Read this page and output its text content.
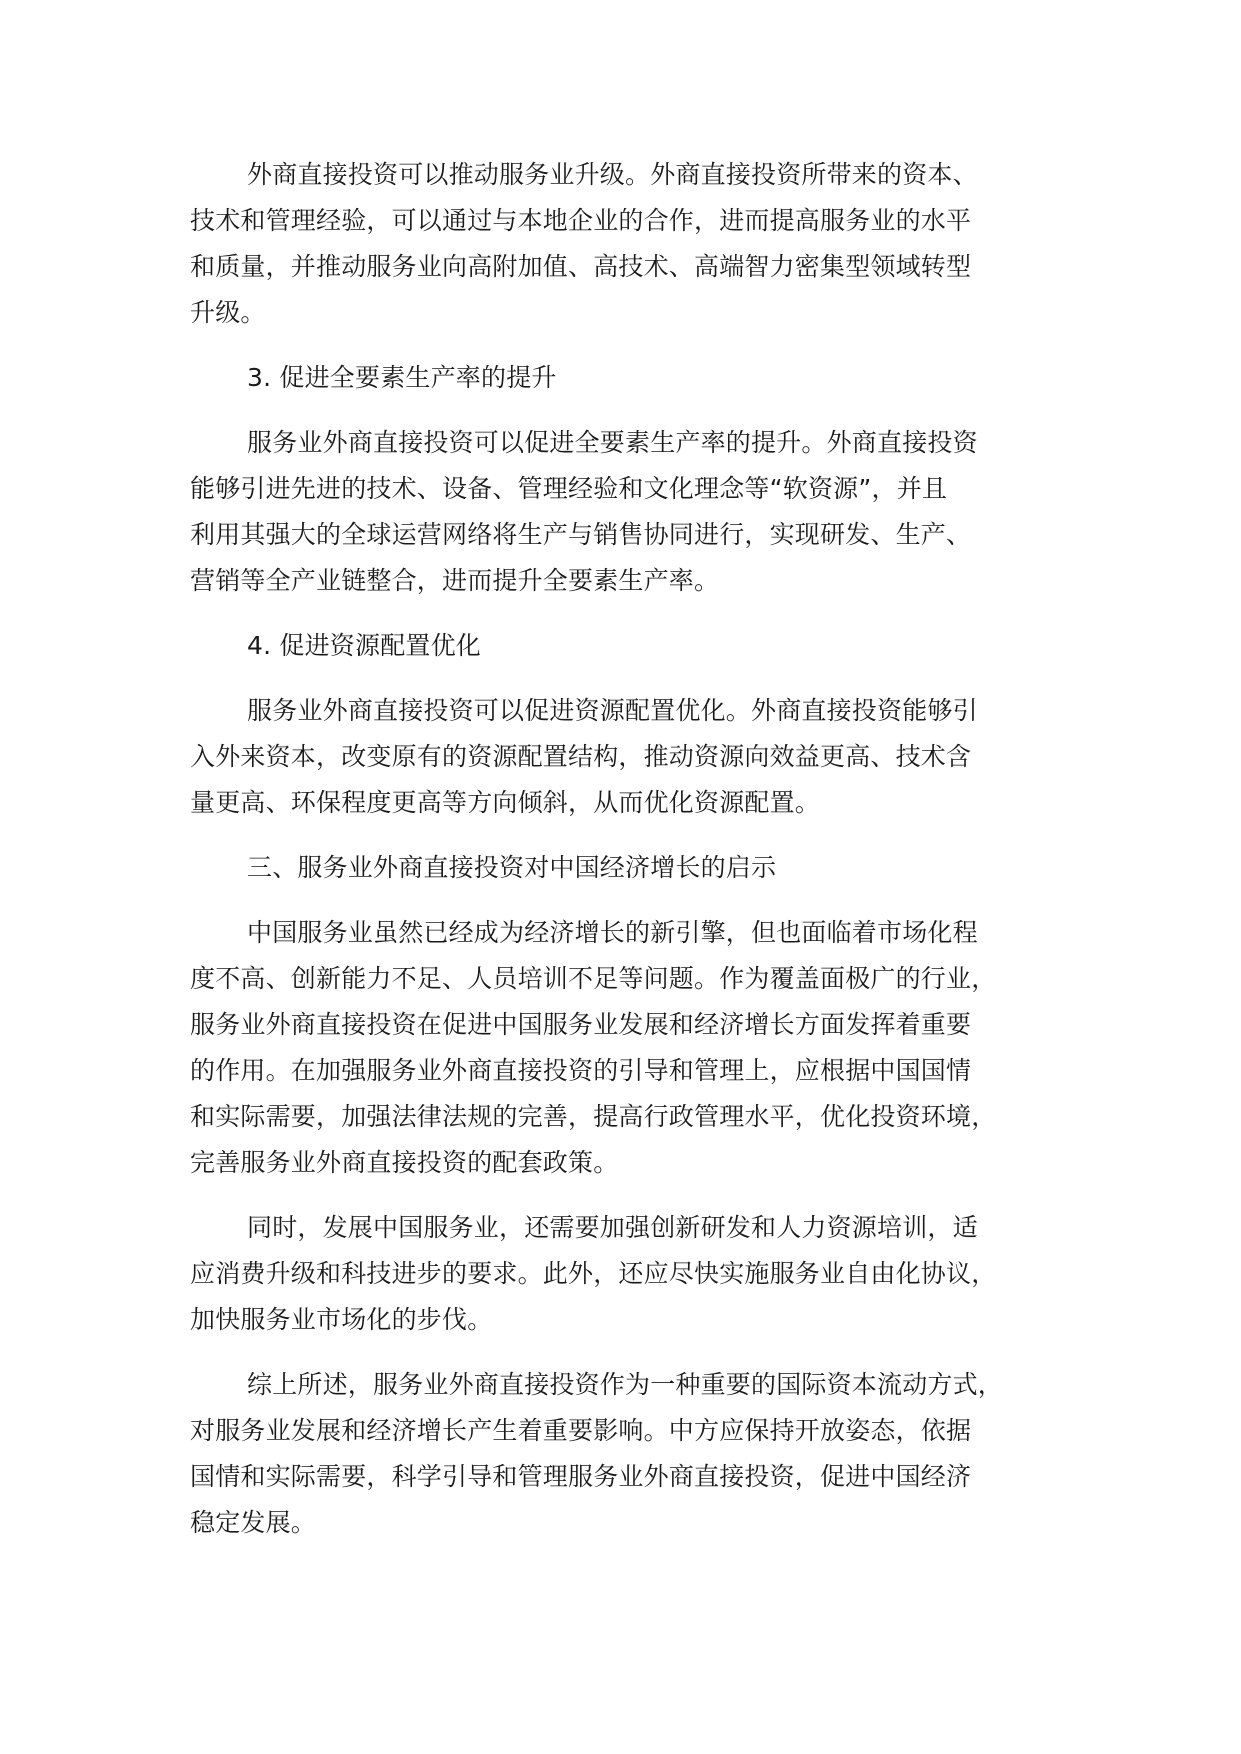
外商直接投资可以推动服务业升级。外商直接投资所带来的资本、

技术和管理经验，可以通过与本地企业的合作，进而提高服务业的水平

和质量，并推动服务业向高附加值、高技术、高端智力密集型领域转型

升级。

3. 促进全要素生产率的提升

服务业外商直接投资可以促进全要素生产率的提升。外商直接投资

能够引进先进的技术、设备、管理经验和文化理念等“软资源”，并且

利用其强大的全球运营网络将生产与销售协同进行，实现研发、生产、

营销等全产业链整合，进而提升全要素生产率。

4. 促进资源配置优化

服务业外商直接投资可以促进资源配置优化。外商直接投资能够引

入外来资本，改变原有的资源配置结构，推动资源向效益更高、技术含

量更高、环保程度更高等方向倾斜，从而优化资源配置。

三、服务业外商直接投资对中国经济增长的启示

中国服务业虽然已经成为经济增长的新引擎，但也面临着市场化程

度不高、创新能力不足、人员培训不足等问题。作为覆盖面极广的行业，

服务业外商直接投资在促进中国服务业发展和经济增长方面发挥着重要

的作用。在加强服务业外商直接投资的引导和管理上，应根据中国国情

和实际需要，加强法律法规的完善，提高行政管理水平，优化投资环境，

完善服务业外商直接投资的配套政策。

同时，发展中国服务业，还需要加强创新研发和人力资源培训，适

应消费升级和科技进步的要求。此外，还应尽快实施服务业自由化协议，

加快服务业市场化的步伐。

综上所述，服务业外商直接投资作为一种重要的国际资本流动方式，

对服务业发展和经济增长产生着重要影响。中方应保持开放姿态，依据

国情和实际需要，科学引导和管理服务业外商直接投资，促进中国经济

稳定发展。
